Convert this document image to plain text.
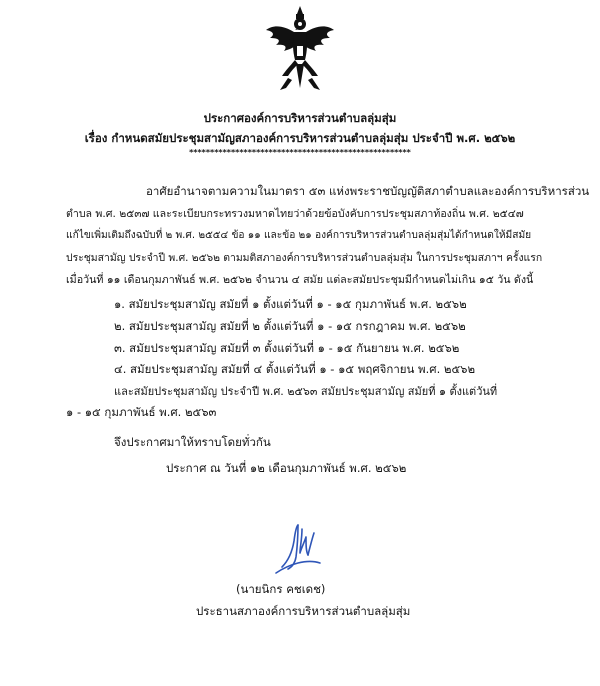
ประกาศองค์การบริหารส่วนตำบลลุ่มสุ่ม
เรื่อง กำหนดสมัยประชุมสามัญสภาองค์การบริหารส่วนตำบลลุ่มสุ่ม ประจำปี พ.ศ. ๒๕๖๒
*****************************************************
อาศัยอำนาจตามความในมาตรา ๕๓ แห่งพระราชบัญญัติสภาตำบลและองค์การบริหารส่วน
ตำบล พ.ศ. ๒๕๓๗ และระเบียบกระทรวงมหาดไทยว่าด้วยข้อบังคับการประชุมสภาท้องถิ่น พ.ศ. ๒๕๔๗
แก้ไขเพิ่มเติมถึงฉบับที่ ๒ พ.ศ. ๒๕๕๔ ข้อ ๑๑ และข้อ ๒๑ องค์การบริหารส่วนตำบลลุ่มสุ่มได้กำหนดให้มีสมัย
ประชุมสามัญ ประจำปี พ.ศ. ๒๕๖๒ ตามมติสภาองค์การบริหารส่วนตำบลลุ่มสุ่ม ในการประชุมสภาฯ ครั้งแรก
เมื่อวันที่ ๑๑ เดือนกุมภาพันธ์ พ.ศ. ๒๕๖๒ จำนวน ๔ สมัย แต่ละสมัยประชุมมีกำหนดไม่เกิน ๑๕ วัน ดังนี้
๑. สมัยประชุมสามัญ สมัยที่ ๑ ตั้งแต่วันที่ ๑ - ๑๕ กุมภาพันธ์ พ.ศ. ๒๕๖๒
๒. สมัยประชุมสามัญ สมัยที่ ๒ ตั้งแต่วันที่ ๑ - ๑๕ กรกฎาคม พ.ศ. ๒๕๖๒
๓. สมัยประชุมสามัญ สมัยที่ ๓ ตั้งแต่วันที่ ๑ - ๑๕ กันยายน พ.ศ. ๒๕๖๒
๔. สมัยประชุมสามัญ สมัยที่ ๔ ตั้งแต่วันที่ ๑ - ๑๕ พฤศจิกายน พ.ศ. ๒๕๖๒
และสมัยประชุมสามัญ ประจำปี พ.ศ. ๒๕๖๓ สมัยประชุมสามัญ สมัยที่ ๑ ตั้งแต่วันที่
๑ - ๑๕ กุมภาพันธ์ พ.ศ. ๒๕๖๓
จึงประกาศมาให้ทราบโดยทั่วกัน
ประกาศ ณ วันที่ ๑๒ เดือนกุมภาพันธ์ พ.ศ. ๒๕๖๒
(นายนิกร คชเดช)
ประธานสภาองค์การบริหารส่วนตำบลลุ่มสุ่ม
